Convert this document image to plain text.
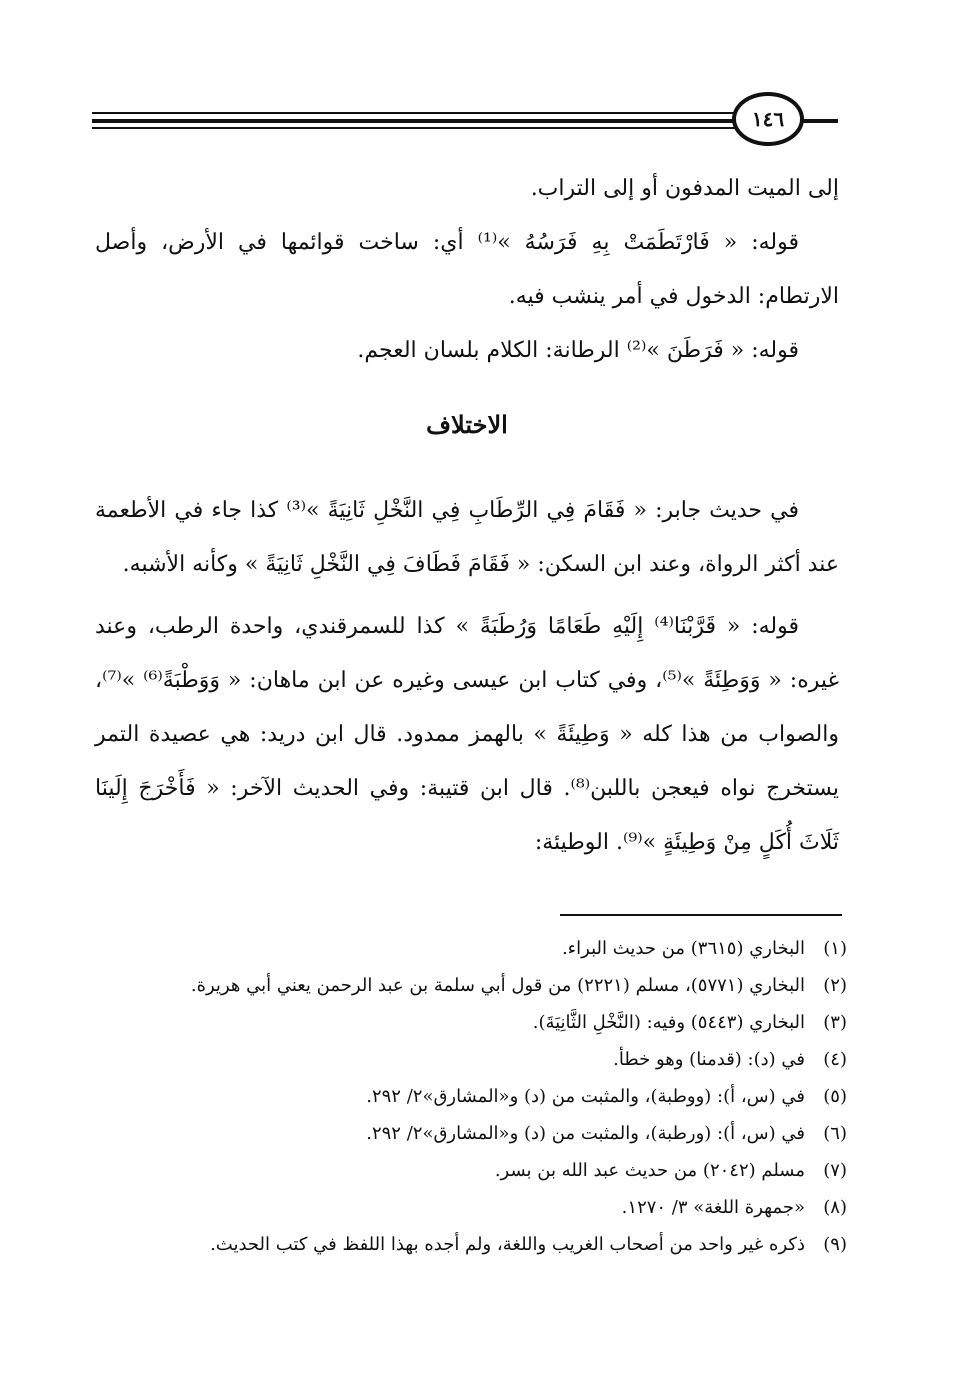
١٤٦

إلى الميت المدفون أو إلى التراب.

قوله: « فَارْتَطَمَتْ بِهِ فَرَسُهُ »⁽¹⁾ أي: ساخت قوائمها في الأرض، وأصل الارتطام: الدخول في أمر ينشب فيه.

قوله: « فَرَطَنَ »⁽²⁾ الرطانة: الكلام بلسان العجم.

الاختلاف

في حديث جابر: « فَقَامَ فِي الرِّطَابِ فِي النَّخْلِ ثَانِيَةً »⁽³⁾ كذا جاء في الأطعمة عند أكثر الرواة، وعند ابن السكن: « فَقَامَ فَطَافَ فِي النَّخْلِ ثَانِيَةً » وكأنه الأشبه.

قوله: « قَرَّبْنَا⁽⁴⁾ إِلَيْهِ طَعَامًا وَرُطَبَةً » كذا للسمرقندي، واحدة الرطب، وعند غيره: « وَوَطِئَةً »⁽⁵⁾، وفي كتاب ابن عيسى وغيره عن ابن ماهان: « وَوَطْبَةً⁽⁶⁾ »⁽⁷⁾، والصواب من هذا كله « وَطِيئَةً » بالهمز ممدود. قال ابن دريد: هي عصيدة التمر يستخرج نواه فيعجن باللبن⁽⁸⁾. قال ابن قتيبة: وفي الحديث الآخر: « فَأَخْرَجَ إِلَينَا ثَلَاثَ أُكَلٍ مِنْ وَطِيئَةٍ »⁽⁹⁾. الوطيئة:

(١)
البخاري (٣٦١٥) من حديث البراء.
(٢)
البخاري (٥٧٧١)، مسلم (٢٢٢١) من قول أبي سلمة بن عبد الرحمن يعني أبي هريرة.
(٣)
البخاري (٥٤٤٣) وفيه: (النَّخْلِ الثَّانِيَةَ).
(٤)
في (د): (قدمنا) وهو خطأ.
(٥)
في (س، أ): (ووطبة)، والمثبت من (د) و«المشارق»٢/ ٢٩٢.
(٦)
في (س، أ): (ورطبة)، والمثبت من (د) و«المشارق»٢/ ٢٩٢.
(٧)
مسلم (٢٠٤٢) من حديث عبد الله بن بسر.
(٨)
«جمهرة اللغة» ٣/ ١٢٧٠.
(٩)
ذكره غير واحد من أصحاب الغريب واللغة، ولم أجده بهذا اللفظ في كتب الحديث.
